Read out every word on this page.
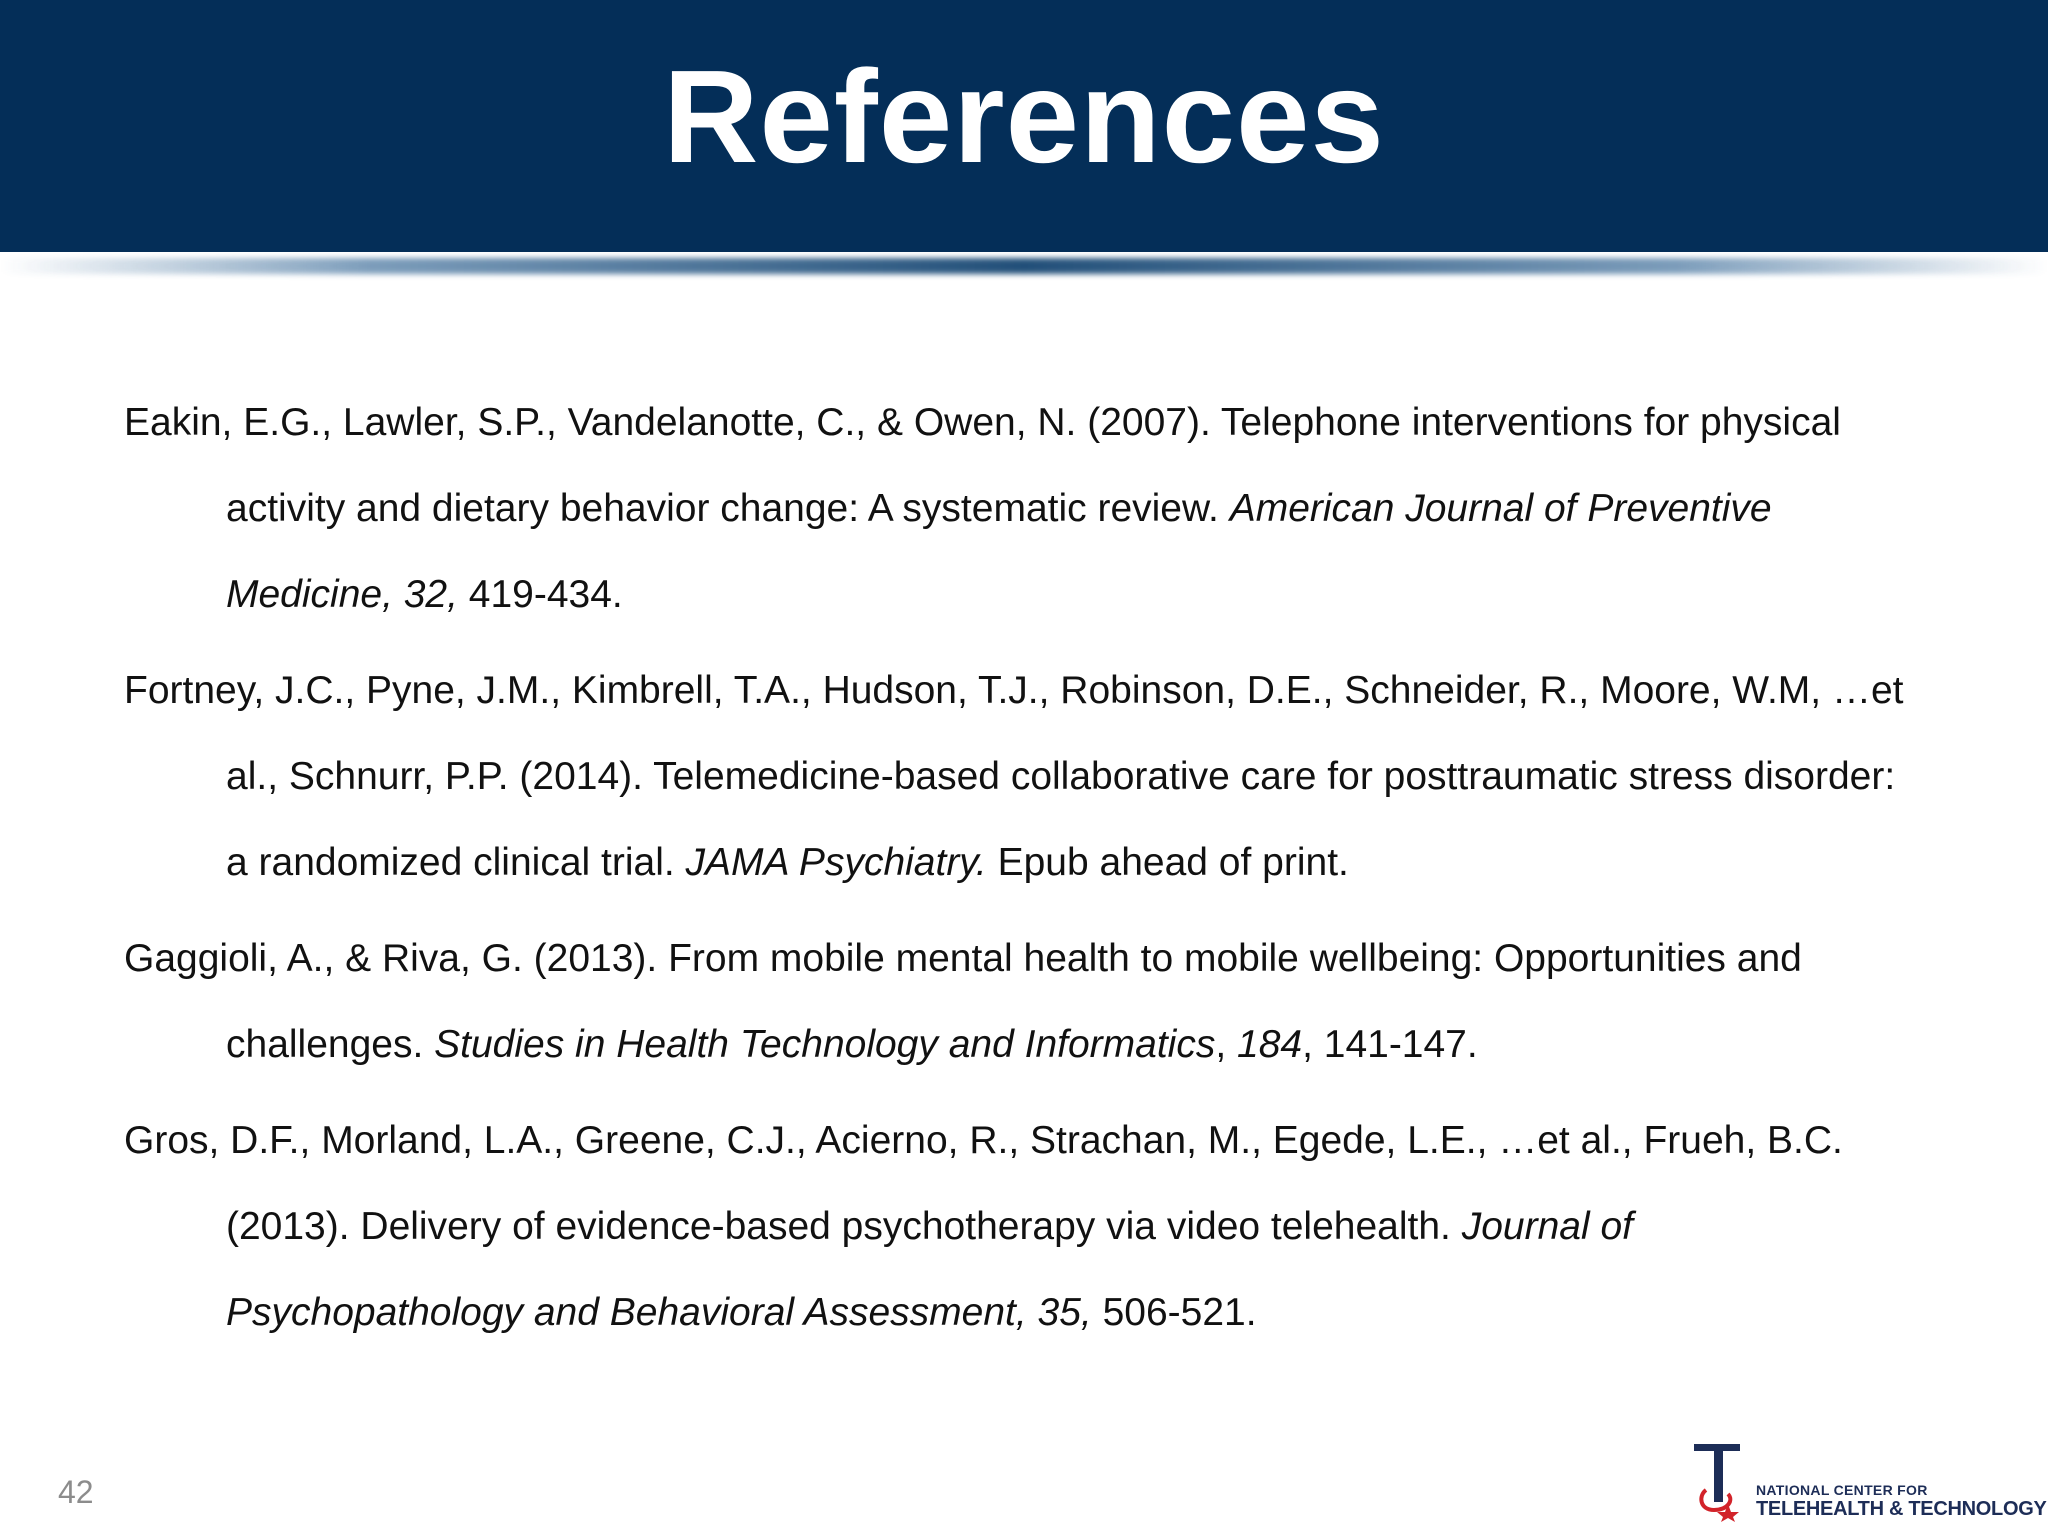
References

Eakin, E.G., Lawler, S.P., Vandelanotte, C., & Owen, N. (2007). Telephone interventions for physical activity and dietary behavior change: A systematic review. American Journal of Preventive Medicine, 32, 419-434.

Fortney, J.C., Pyne, J.M., Kimbrell, T.A., Hudson, T.J., Robinson, D.E., Schneider, R., Moore, W.M, …et al., Schnurr, P.P. (2014). Telemedicine-based collaborative care for posttraumatic stress disorder: a randomized clinical trial. JAMA Psychiatry. Epub ahead of print.

Gaggioli, A., & Riva, G. (2013). From mobile mental health to mobile wellbeing: Opportunities and challenges. Studies in Health Technology and Informatics, 184, 141-147.

Gros, D.F., Morland, L.A., Greene, C.J., Acierno, R., Strachan, M., Egede, L.E., …et al., Frueh, B.C. (2013). Delivery of evidence-based psychotherapy via video telehealth. Journal of Psychopathology and Behavioral Assessment, 35, 506-521.

42	NATIONAL CENTER FOR
TELEHEALTH & TECHNOLOGY
